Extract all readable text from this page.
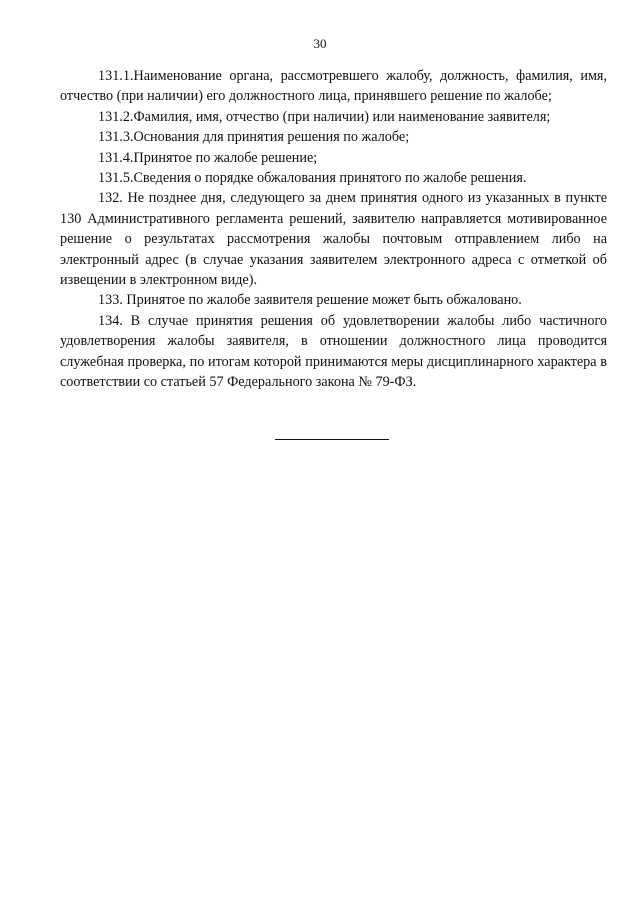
30

131.1.Наименование органа, рассмотревшего жалобу, должность, фамилия, имя, отчество (при наличии) его должностного лица, принявшего решение по жалобе;

131.2.Фамилия, имя, отчество (при наличии) или наименование заявителя;

131.3.Основания для принятия решения по жалобе;

131.4.Принятое по жалобе решение;

131.5.Сведения о порядке обжалования принятого по жалобе решения.

132. Не позднее дня, следующего за днем принятия одного из указанных в пункте 130 Административного регламента решений, заявителю направляется мотивированное решение о результатах рассмотрения жалобы почтовым отправлением либо на электронный адрес (в случае указания заявителем электронного адреса с отметкой об извещении в электронном виде).

133. Принятое по жалобе заявителя решение может быть обжаловано.

134. В случае принятия решения об удовлетворении жалобы либо частичного удовлетворения жалобы заявителя, в отношении должностного лица проводится служебная проверка, по итогам которой принимаются меры дисциплинарного характера в соответствии со статьей 57 Федерального закона № 79-ФЗ.
